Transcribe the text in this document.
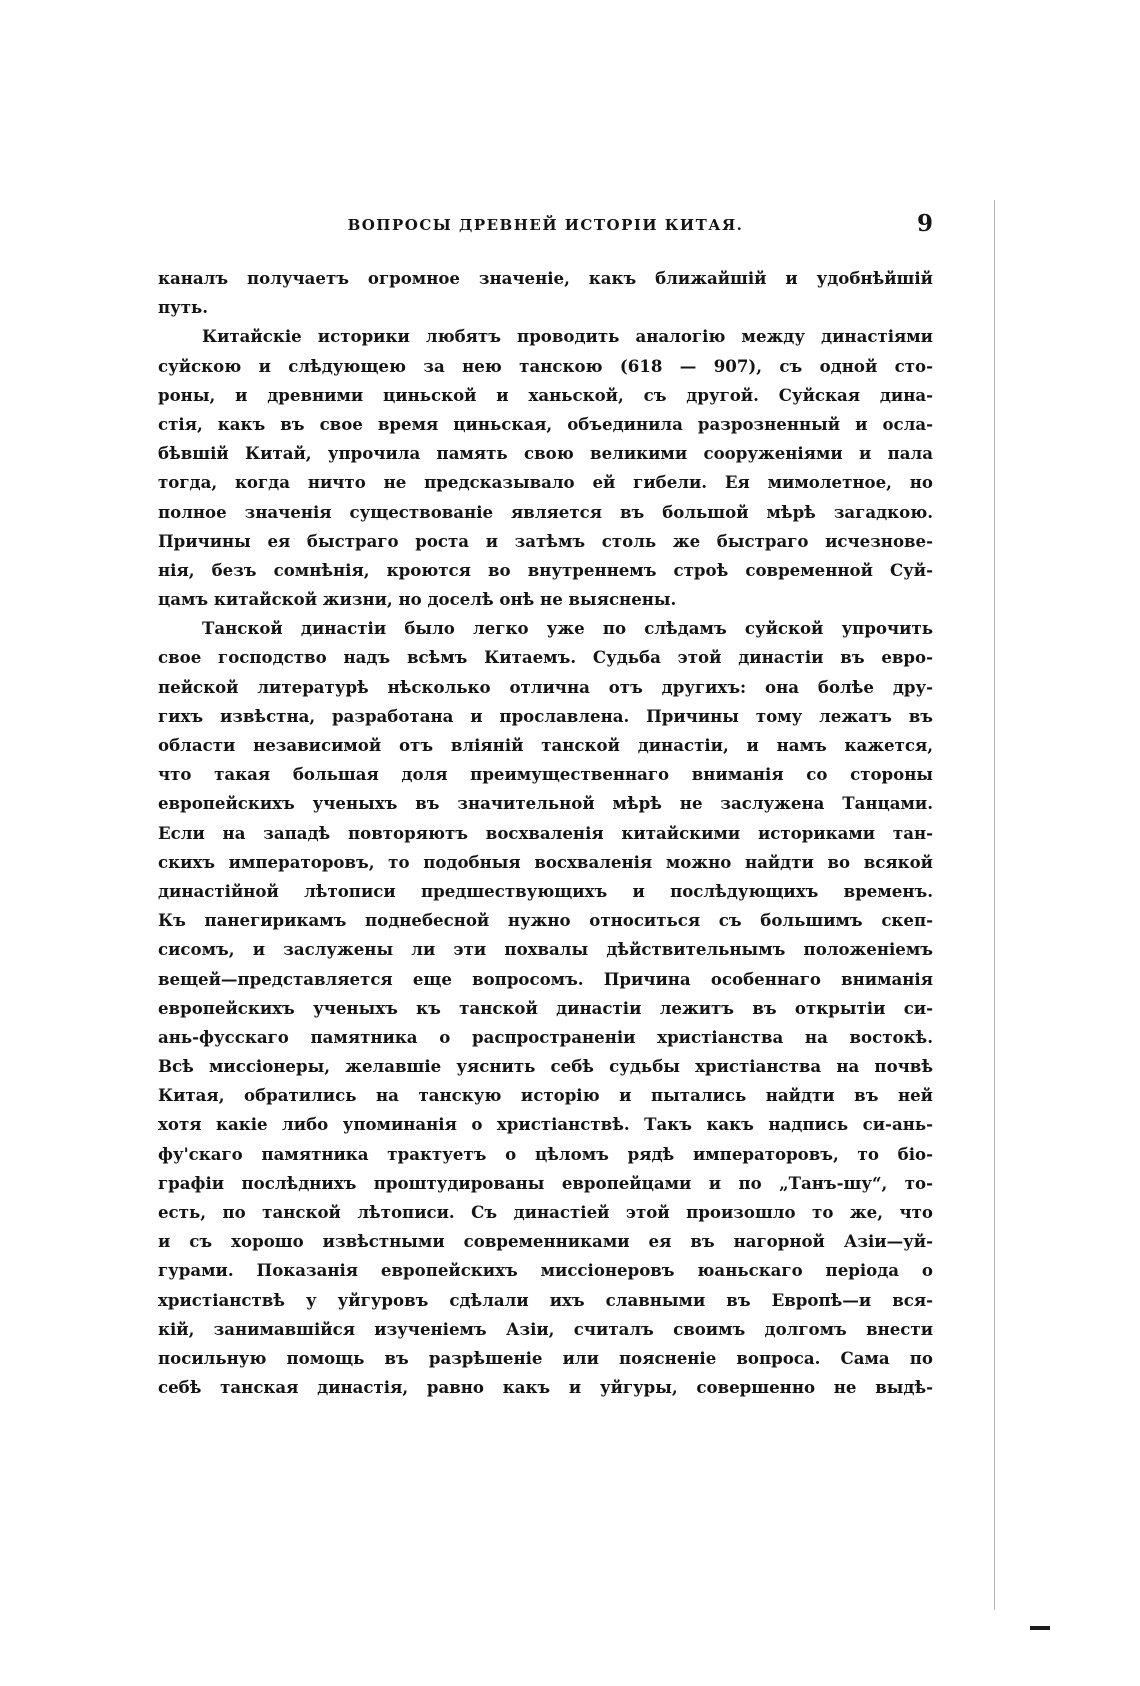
ВОПРОСЫ ДРЕВНЕЙ ИСТОРІИ КИТАЯ.	9
каналъ получаетъ огромное значеніе, какъ ближайшій и удобнѣйшій
путь.
Китайскіе историки любятъ проводить аналогію между династіями
суйскою и слѣдующею за нею танскою (618 — 907), съ одной сто-
роны, и древними циньской и ханьской, съ другой. Суйская дина-
стія, какъ въ свое время циньская, объединила разрозненный и осла-
бѣвшій Китай, упрочила память свою великими сооруженіями и пала
тогда, когда ничто не предсказывало ей гибели. Ея мимолетное, но
полное значенія существованіе является въ большой мѣрѣ загадкою.
Причины ея быстраго роста и затѣмъ столь же быстраго исчезнове-
нія, безъ сомнѣнія, кроются во внутреннемъ строѣ современной Суй-
цамъ китайской жизни, но доселѣ онѣ не выяснены.
Танской династіи было легко уже по слѣдамъ суйской упрочить
свое господство надъ всѣмъ Китаемъ. Судьба этой династіи въ евро-
пейской литературѣ нѣсколько отлична отъ другихъ: она болѣе дру-
гихъ извѣстна, разработана и прославлена. Причины тому лежатъ въ
области независимой отъ вліяній танской династіи, и намъ кажется,
что такая большая доля преимущественнаго вниманія со стороны
европейскихъ ученыхъ въ значительной мѣрѣ не заслужена Танцами.
Если на западѣ повторяютъ восхваленія китайскими историками тан-
скихъ императоровъ, то подобныя восхваленія можно найдти во всякой
династійной лѣтописи предшествующихъ и послѣдующихъ временъ.
Къ панегирикамъ поднебесной нужно относиться съ большимъ скеп-
сисомъ, и заслужены ли эти похвалы дѣйствительнымъ положеніемъ
вещей—представляется еще вопросомъ. Причина особеннаго вниманія
европейскихъ ученыхъ къ танской династіи лежитъ въ открытіи си-
ань-фусскаго памятника о распространеніи христіанства на востокѣ.
Всѣ миссіонеры, желавшіе уяснить себѣ судьбы христіанства на почвѣ
Китая, обратились на танскую исторію и пытались найдти въ ней
хотя какіе либо упоминанія о христіанствѣ. Такъ какъ надпись си-ань-
фу'скаго памятника трактуетъ о цѣломъ рядѣ императоровъ, то біо-
графіи послѣднихъ проштудированы европейцами и по „Танъ-шу“, то-
есть, по танской лѣтописи. Съ династіей этой произошло то же, что
и съ хорошо извѣстными современниками ея въ нагорной Азіи—уй-
гурами. Показанія европейскихъ миссіонеровъ юаньскаго періода о
христіанствѣ у уйгуровъ сдѣлали ихъ славными въ Европѣ—и вся-
кій, занимавшійся изученіемъ Азіи, считалъ своимъ долгомъ внести
посильную помощь въ разрѣшеніе или поясненіе вопроса. Сама по
себѣ танская династія, равно какъ и уйгуры, совершенно не выдѣ-
